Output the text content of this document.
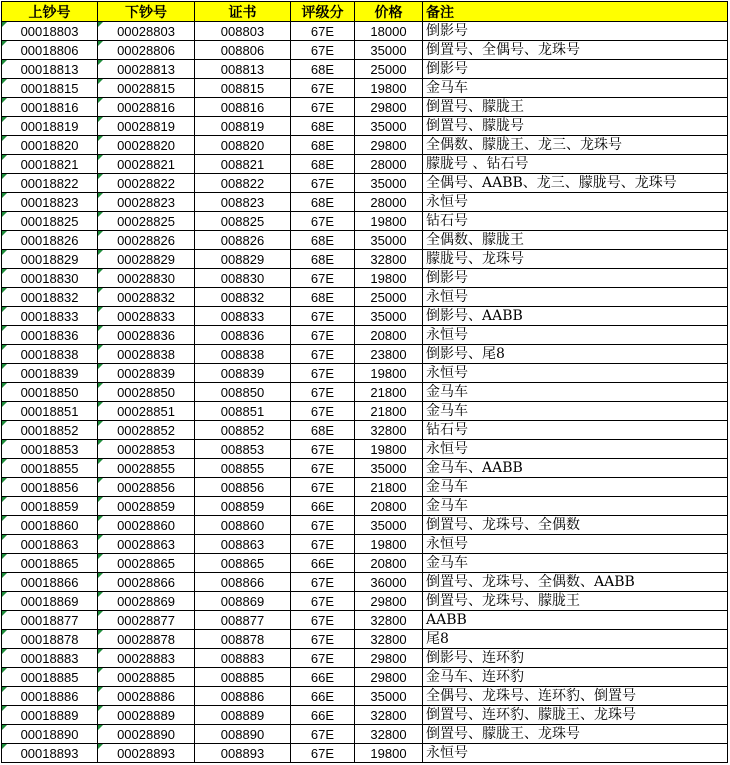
上钞号	下钞号	证书	评级分	价格	备注
00018803	00028803	008803	67E	18000	倒影号
00018806	00028806	008806	67E	35000	倒置号、全偶号、龙珠号
00018813	00028813	008813	68E	25000	倒影号
00018815	00028815	008815	67E	19800	金马车
00018816	00028816	008816	67E	29800	倒置号、朦胧王
00018819	00028819	008819	68E	35000	倒置号、朦胧号
00018820	00028820	008820	68E	29800	全偶数、朦胧王、龙三、龙珠号
00018821	00028821	008821	68E	28000	朦胧号 、钻石号
00018822	00028822	008822	67E	35000	全偶号、AABB、龙三、朦胧号、龙珠号
00018823	00028823	008823	68E	28000	永恒号
00018825	00028825	008825	67E	19800	钻石号
00018826	00028826	008826	68E	35000	全偶数、朦胧王
00018829	00028829	008829	68E	32800	朦胧号、龙珠号
00018830	00028830	008830	67E	19800	倒影号
00018832	00028832	008832	68E	25000	永恒号
00018833	00028833	008833	67E	35000	倒影号、AABB
00018836	00028836	008836	67E	20800	永恒号
00018838	00028838	008838	67E	23800	倒影号、尾8
00018839	00028839	008839	67E	19800	永恒号
00018850	00028850	008850	67E	21800	金马车
00018851	00028851	008851	67E	21800	金马车
00018852	00028852	008852	68E	32800	钻石号
00018853	00028853	008853	67E	19800	永恒号
00018855	00028855	008855	67E	35000	金马车、AABB
00018856	00028856	008856	67E	21800	金马车
00018859	00028859	008859	66E	20800	金马车
00018860	00028860	008860	67E	35000	倒置号、龙珠号、全偶数
00018863	00028863	008863	67E	19800	永恒号
00018865	00028865	008865	66E	20800	金马车
00018866	00028866	008866	67E	36000	倒置号、龙珠号、全偶数、AABB
00018869	00028869	008869	67E	29800	倒置号、龙珠号、朦胧王
00018877	00028877	008877	67E	32800	AABB
00018878	00028878	008878	67E	32800	尾8
00018883	00028883	008883	67E	29800	倒影号、连环豹
00018885	00028885	008885	66E	29800	金马车、连环豹
00018886	00028886	008886	66E	35000	全偶号、龙珠号、连环豹、倒置号
00018889	00028889	008889	66E	32800	倒置号、连环豹、朦胧王、龙珠号
00018890	00028890	008890	67E	32800	倒置号、朦胧王、龙珠号
00018893	00028893	008893	67E	19800	永恒号
